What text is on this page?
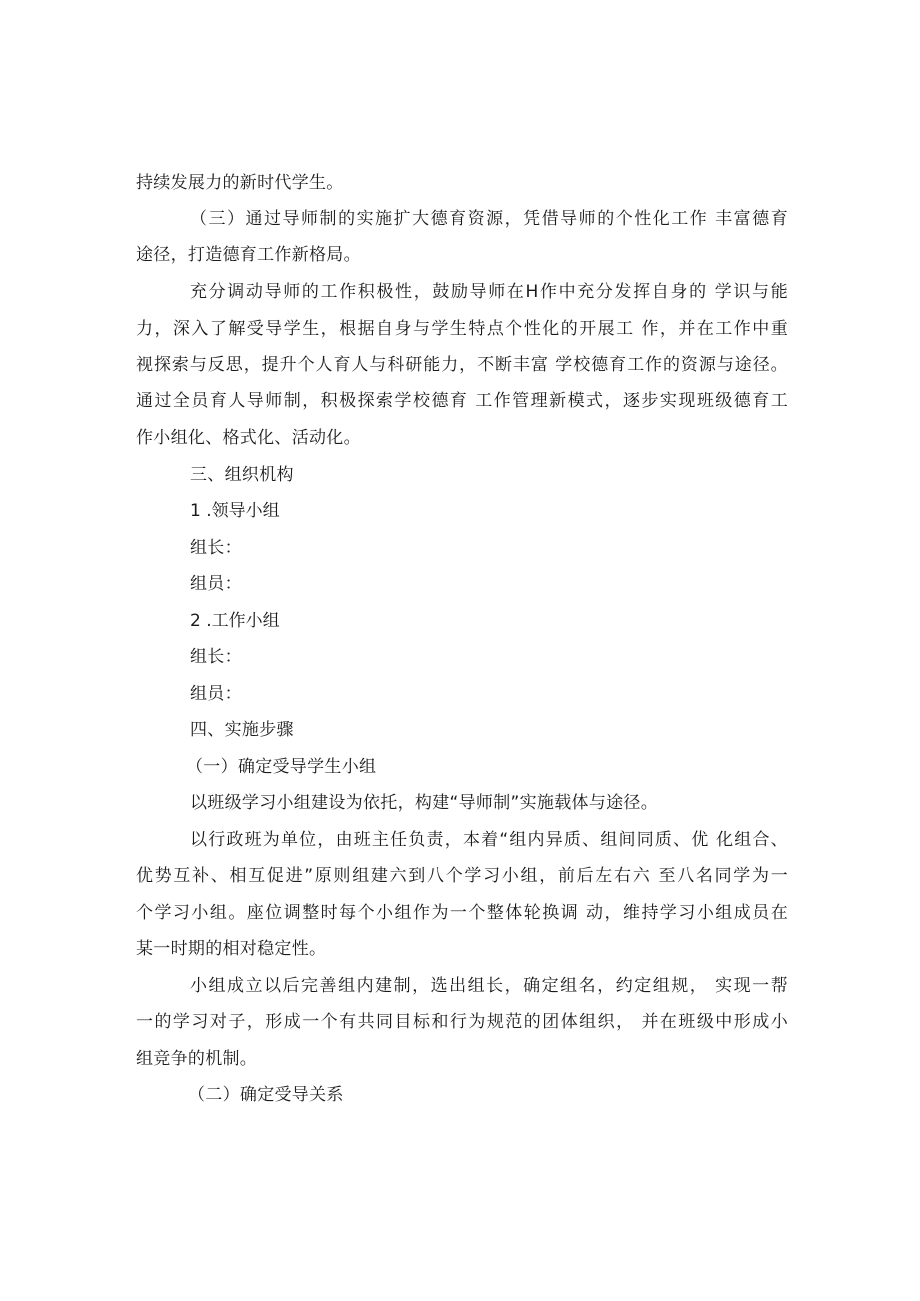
持续发展力的新时代学生。
（三）通过导师制的实施扩大德育资源，凭借导师的个性化工作 丰富德育
途径，打造德育工作新格局。
充分调动导师的工作积极性，鼓励导师在H作中充分发挥自身的 学识与能
力，深入了解受导学生，根据自身与学生特点个性化的开展工 作，并在工作中重
视探索与反思，提升个人育人与科研能力，不断丰富 学校德育工作的资源与途径。
通过全员育人导师制，积极探索学校德育 工作管理新模式，逐步实现班级德育工
作小组化、格式化、活动化。
三、组织机构
1 .领导小组
组长：
组员：
2 .工作小组
组长：
组员：
四、实施步骤
（一）确定受导学生小组
以班级学习小组建设为依托，构建“导师制”实施载体与途径。
以行政班为单位，由班主任负责，本着“组内异质、组间同质、优 化组合、
优势互补、相互促进”原则组建六到八个学习小组，前后左右六 至八名同学为一
个学习小组。座位调整时每个小组作为一个整体轮换调 动，维持学习小组成员在
某一时期的相对稳定性。
小组成立以后完善组内建制，选出组长，确定组名，约定组规， 实现一帮
一的学习对子，形成一个有共同目标和行为规范的团体组织， 并在班级中形成小
组竞争的机制。
（二）确定受导关系
